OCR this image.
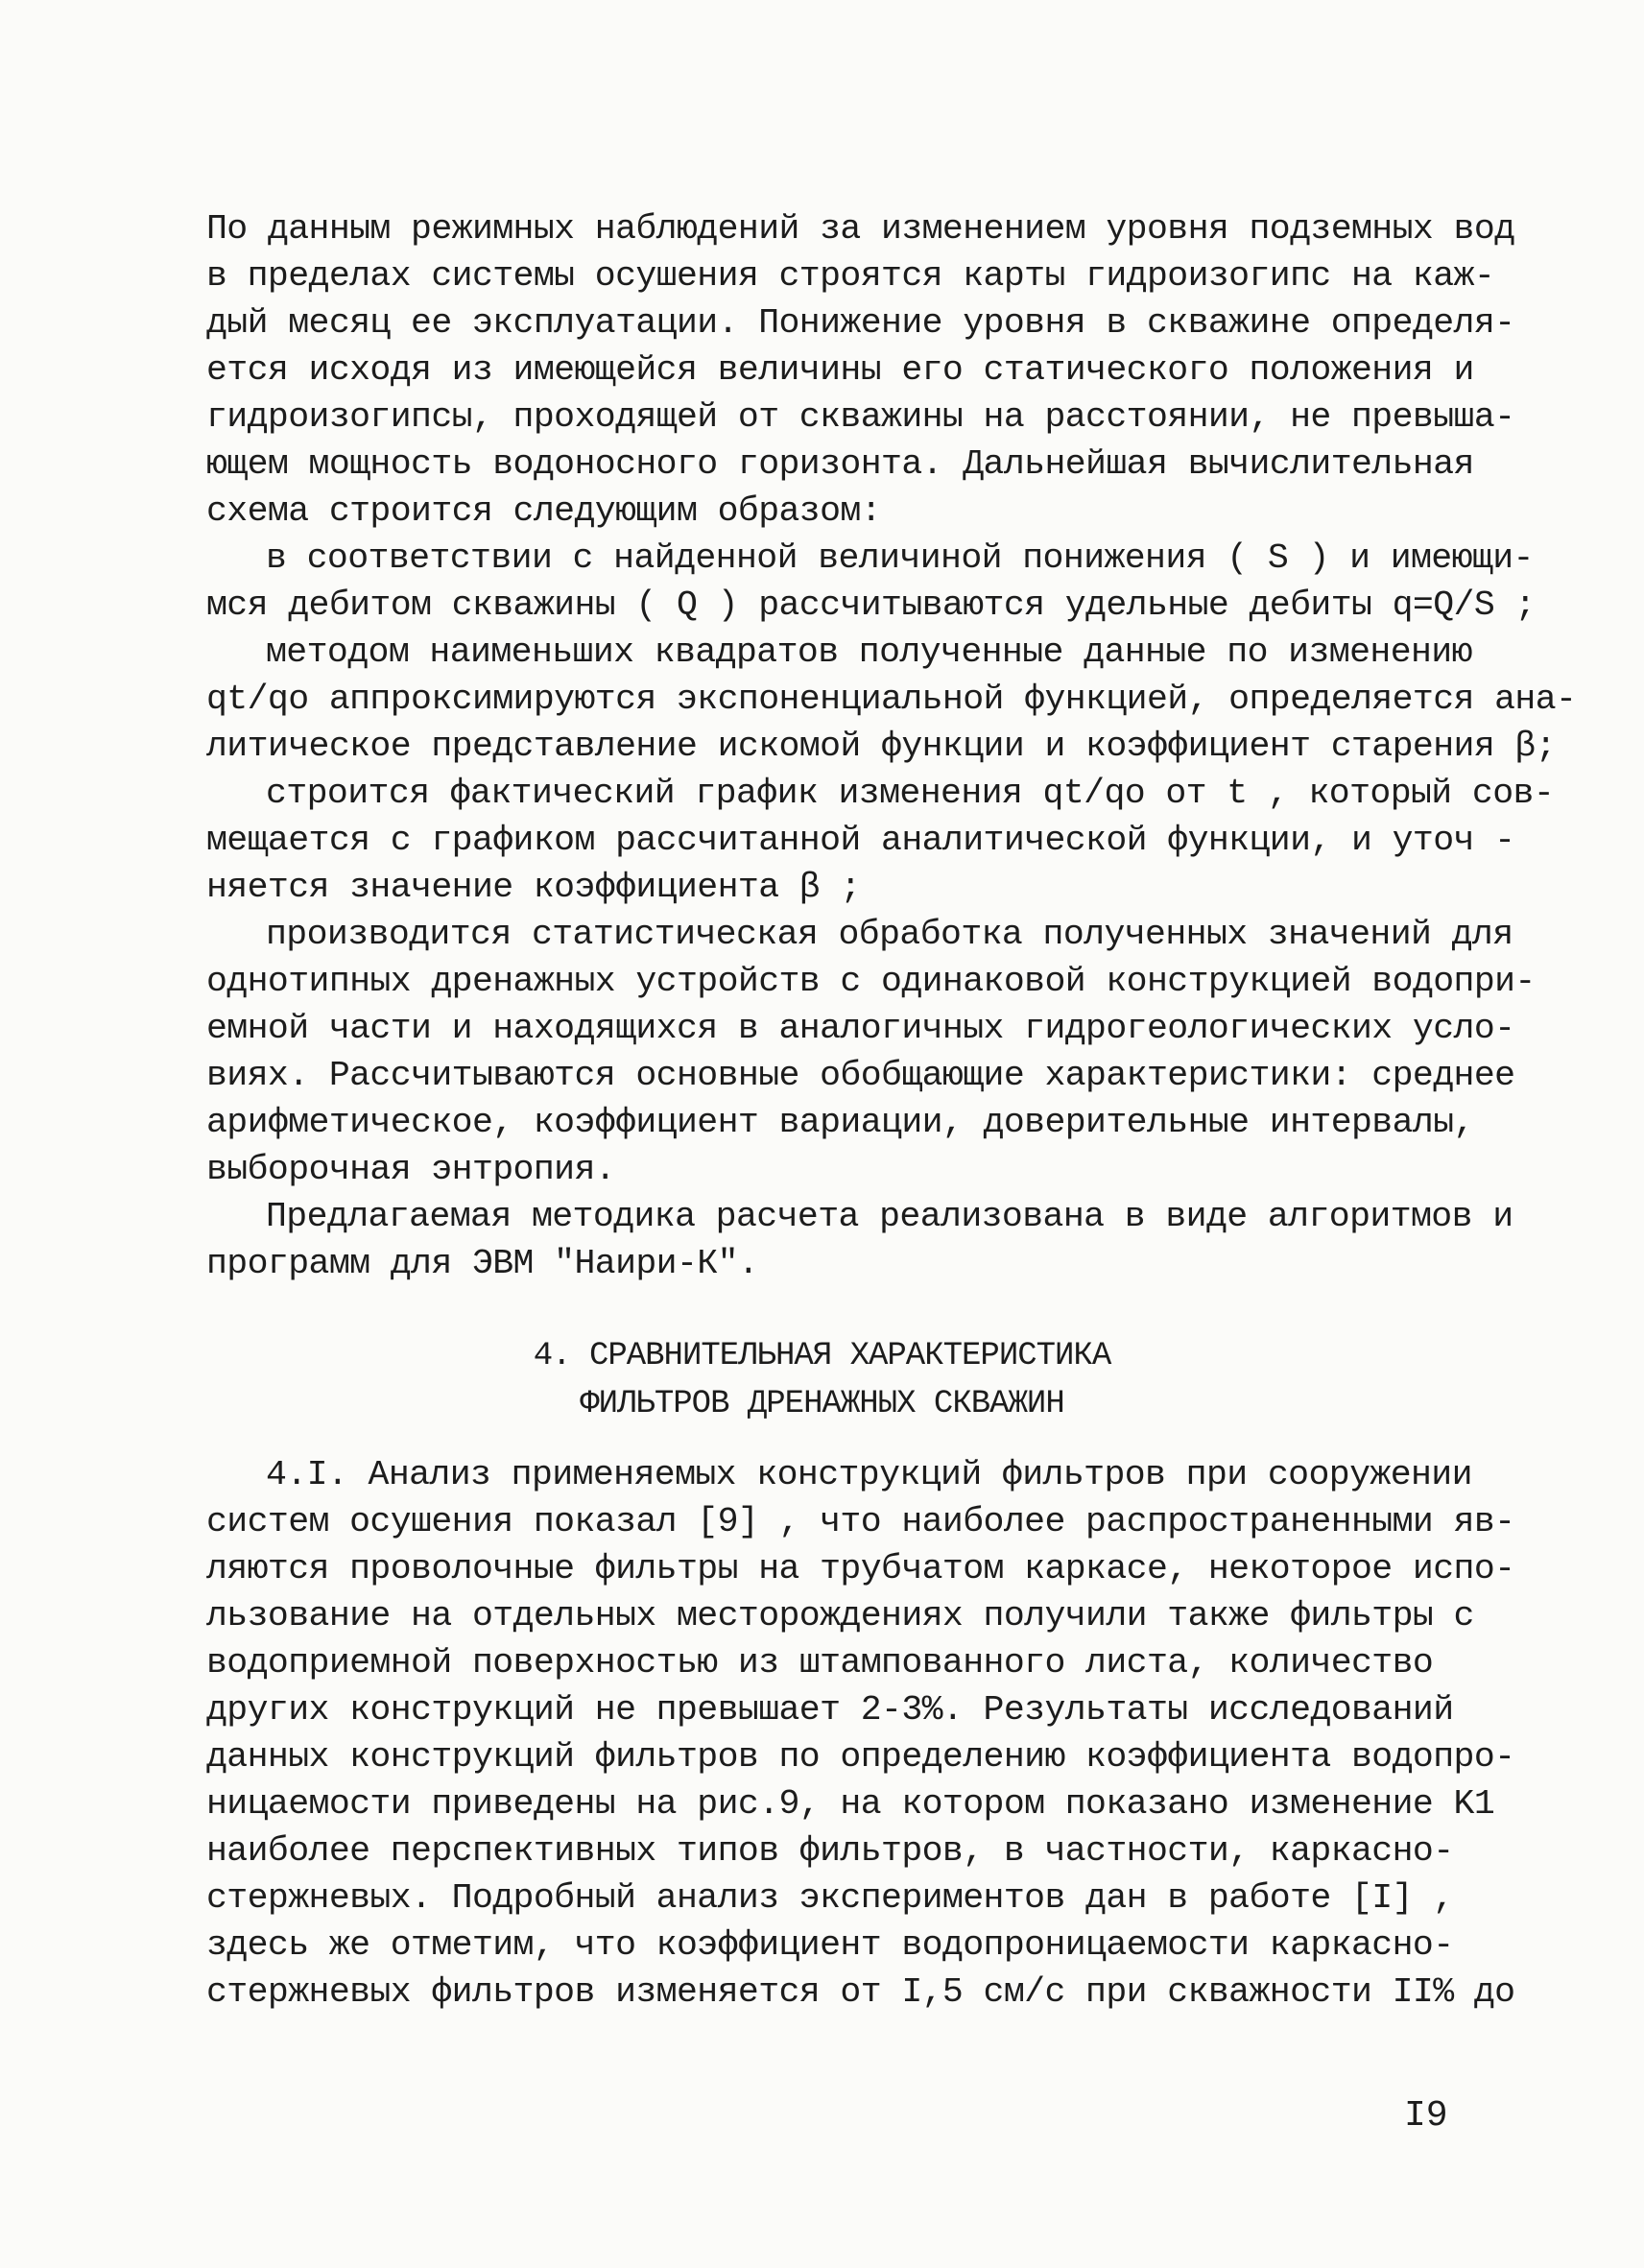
По данным режимных наблюдений за изменением уровня подземных вод
в пределах системы осушения строятся карты гидроизогипс на каж-
дый месяц ее эксплуатации. Понижение уровня в скважине определя-
ется исходя из имеющейся величины его статического положения и
гидроизогипсы, проходящей от скважины на расстоянии, не превыша-
ющем мощность водоносного горизонта. Дальнейшая вычислительная
схема строится следующим образом:
в соответствии с найденной величиной понижения ( S ) и имеющи-
мся дебитом скважины ( Q ) рассчитываются удельные дебиты q=Q/S ;
методом наименьших квадратов полученные данные по изменению
qt/qo аппроксимируются экспоненциальной функцией, определяется ана-
литическое представление искомой функции и коэффициент старения β;
строится фактический график изменения qt/qo от t , который сов-
мещается с графиком рассчитанной аналитической функции, и уточ -
няется значение коэффициента β ;
производится статистическая обработка полученных значений для
однотипных дренажных устройств с одинаковой конструкцией водопри-
емной части и находящихся в аналогичных гидрогеологических усло-
виях. Рассчитываются основные обобщающие характеристики: среднее
арифметическое, коэффициент вариации, доверительные интервалы,
выборочная энтропия.
Предлагаемая методика расчета реализована в виде алгоритмов и
программ для ЭВМ "Наири-К".
4. СРАВНИТЕЛЬНАЯ ХАРАКТЕРИСТИКА
ФИЛЬТРОВ ДРЕНАЖНЫХ СКВАЖИН
4.I. Анализ применяемых конструкций фильтров при сооружении
систем осушения показал [9] , что наиболее распространенными яв-
ляются проволочные фильтры на трубчатом каркасе, некоторое испо-
льзование на отдельных месторождениях получили также фильтры с
водоприемной поверхностью из штампованного листа, количество
других конструкций не превышает 2-3%. Результаты исследований
данных конструкций фильтров по определению коэффициента водопро-
ницаемости приведены на рис.9, на котором показано изменение K1
наиболее перспективных типов фильтров, в частности, каркасно-
стержневых. Подробный анализ экспериментов дан в работе [I] ,
здесь же отметим, что коэффициент водопроницаемости каркасно-
стержневых фильтров изменяется от I,5 см/с при скважности II% до
I9
